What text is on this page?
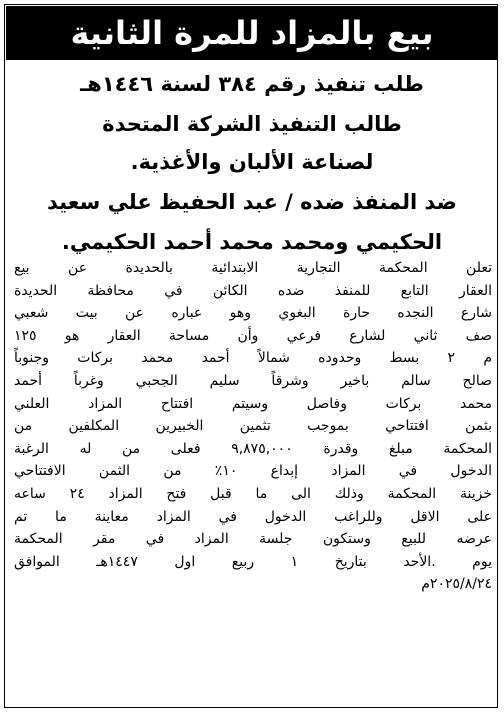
بيع بالمزاد للمرة الثانية
طلب تنفيذ رقم ٣٨٤ لسنة ١٤٤٦هـ
طالب التنفيذ الشركة المتحدة
لصناعة الألبان والأغذية.
ضد المنفذ ضده / عبد الحفيظ علي سعيد
الحكيمي ومحمد محمد أحمد الحكيمي.
تعلن المحكمة التجارية الابتدائية بالحديدة عن بيع
العقار التابع للمنفذ ضده الكائن في محافظة الحديدة
شارع النجده حارة البغوي وهو عباره عن بيت شعبي
صف ثاني لشارع فرعي وأن مساحة العقار هو ١٢٥
م ٢ بسط وحدوده شمالاً أحمد محمد بركات وجنوباً
صالح سالم باخير وشرقاً سليم الجحبي وغرباً أحمد
محمد بركات وفاصل وسيتم افتتاح المزاد العلني
بثمن افتتاحي بموجب تثمين الخبيرين المكلفين من
المحكمة مبلغ وقدرة ٩,٨٧٥,٠٠٠ فعلى من له الرغبة
الدخول في المزاد إبداع ١٠٪ من الثمن الافتتاحي
خزينة المحكمة وذلك الى ما قبل فتح المزاد ٢٤ ساعه
على الاقل وللراغب الدخول في المزاد معاينة ما تم
عرضه للبيع وستكون جلسة المزاد في مقر المحكمة
يوم .الأحد بتاريخ ١ ربيع اول ١٤٤٧هـ الموافق
٢٠٢٥/٨/٢٤م
